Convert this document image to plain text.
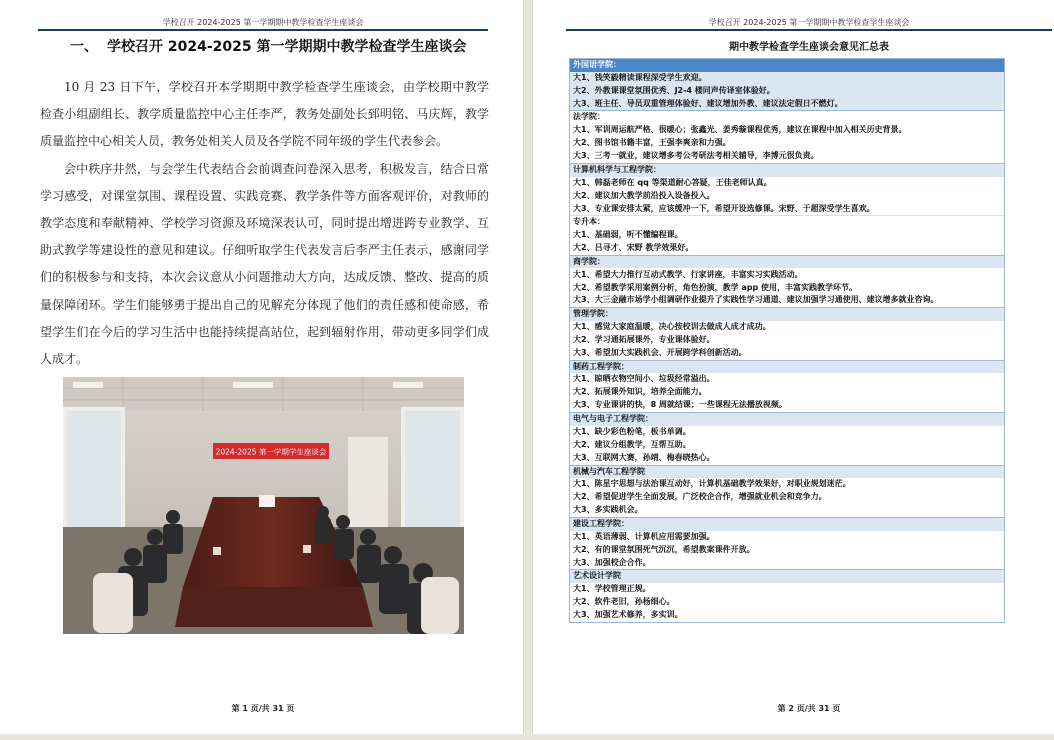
学校召开 2024-2025 第一学期期中教学检查学生座谈会
一、 学校召开 2024-2025 第一学期期中教学检查学生座谈会

10 月 23 日下午，学校召开本学期期中教学检查学生座谈会，由学校期中教学检查小组副组长、教学质量监控中心主任李严，教务处副处长郅明铭、马庆辉，教学质量监控中心相关人员，教务处相关人员及各学院不同年级的学生代表参会。

会中秩序井然，与会学生代表结合会前调查问卷深入思考，积极发言，结合日常学习感受，对课堂氛围、课程设置、实践竞赛、教学条件等方面客观评价，对教师的教学态度和奉献精神、学校学习资源及环境深表认可，同时提出增进跨专业教学、互助式教学等建设性的意见和建议。仔细听取学生代表发言后李严主任表示，感谢同学们的积极参与和支持，本次会议意从小问题推动大方向，达成反馈、整改、提高的质量保障闭环。学生们能够勇于提出自己的见解充分体现了他们的责任感和使命感，希望学生们在今后的学习生活中也能持续提高站位，起到辐射作用，带动更多同学们成人成才。

2024-2025 第一学期学生座谈会
第 1 页/共 31 页
学校召开 2024-2025 第一学期期中教学检查学生座谈会
期中教学检查学生座谈会意见汇总表
外国语学院：
大1、钱笑毅精读课程深受学生欢迎。
大2、外教课课堂氛围优秀、J2-4 楼同声传译室体验好。
大3、班主任、导员双重管理体验好、建议增加外教、建议法定假日不燃灯。
法学院：
大1、军训周运航严格、很暖心；张鑫光、姜秀璇课程优秀，建议在课程中加入相关历史背景。
大2、图书馆书籍丰富，王强李爽亲和力强。
大3、三考一就业，建议增多考公考研法考相关辅导，李博元很负责。
计算机科学与工程学院：
大1、韩磊老师在 qq 等渠道耐心答疑，王佳老师认真。
大2、建议加大教学前沿投入设备投入。
大3、专业课安排太紧，应该缓冲一下，希望开设选修课。宋野、于超深受学生喜欢。
专升本：
大1、基础弱，听不懂编程课。
大2、吕寻才、宋野 教学效果好。
商学院：
大1、希望大力推行互动式教学、行家讲座，丰富实习实践活动。
大2、希望教学采用案例分析，角色扮演，教学 app 使用，丰富实践教学环节。
大3、大三金融市场学小组调研作业提升了实践性学习通道、建议加强学习通使用、建议增多就业咨询。
管理学院：
大1、感觉大家庭温暖，决心按校训去做成人成才成功。
大2、学习通拓展课外，专业课体验好。
大3、希望加大实践机会、开展跨学科创新活动。
制药工程学院：
大1、晾晒衣物空间小、垃圾经常溢出。
大2、拓展课外知识，培养全面能力。
大3、专业课讲的快，8 周就结课；一些课程无法播放视频。
电气与电子工程学院：
大1、缺少彩色粉笔，板书单调。
大2、建议分组教学，互帮互助。
大3、互联网大赛，孙靖、梅春晓热心。
机械与汽车工程学院
大1、陈星宇思想与法治课互动好，计算机基础教学效果好，对职业规划迷茫。
大2、希望促进学生全面发展，广泛校企合作，增强就业机会和竞争力。
大3、多实践机会。
建设工程学院：
大1、英语薄弱、计算机应用需要加强。
大2、有的课堂氛围死气沉沉，希望教案课件开放。
大3、加强校企合作。
艺术设计学院
大1、学校管理正规。
大2、软件老旧，孙杨细心。
大3、加强艺术修养，多实训。
第 2 页/共 31 页
